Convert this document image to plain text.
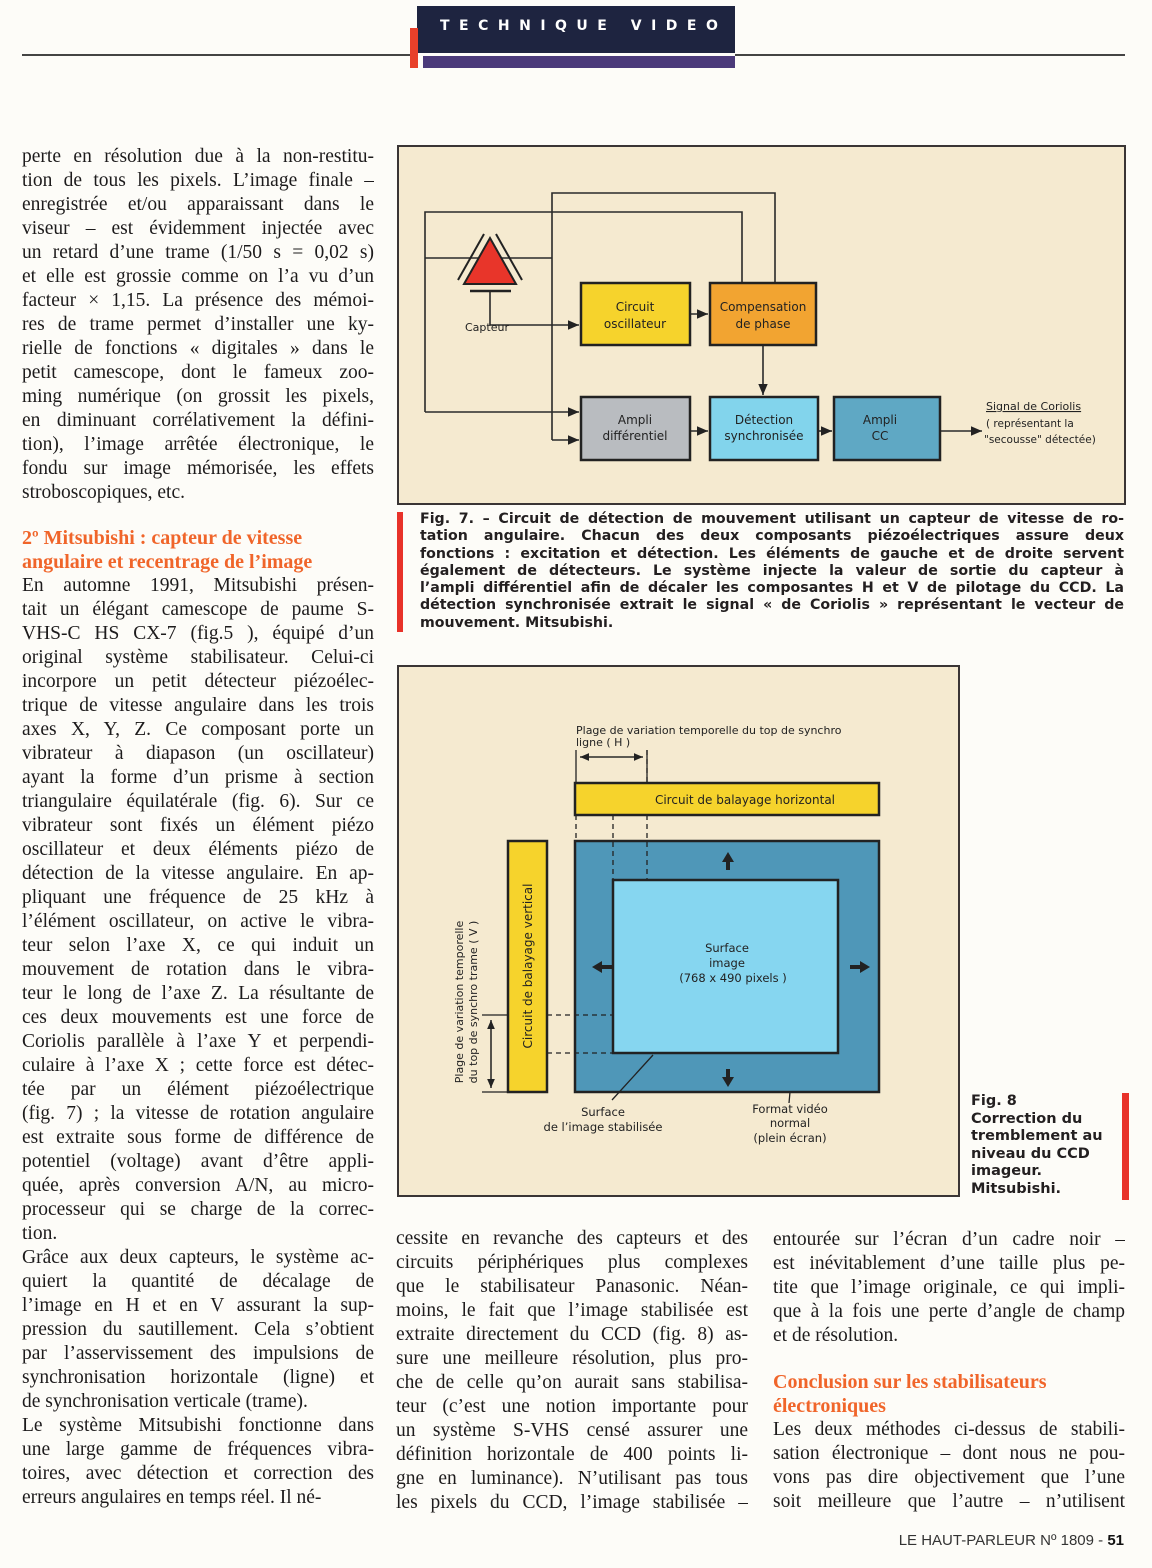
TECHNIQUE VIDEO
perte en résolution due à la non-restitu-
tion de tous les pixels. L’image finale –
enregistrée et/ou apparaissant dans le
viseur – est évidemment injectée avec
un retard d’une trame (1/50 s = 0,02 s)
et elle est grossie comme on l’a vu d’un
facteur × 1,15. La présence des mémoi-
res de trame permet d’installer une ky-
rielle de fonctions « digitales » dans le
petit camescope, dont le fameux zoo-
ming numérique (on grossit les pixels,
en diminuant corrélativement la défini-
tion), l’image arrêtée électronique, le
fondu sur image mémorisée, les effets
stroboscopiques, etc.
2º Mitsubishi : capteur de vitesse
angulaire et recentrage de l’image
En automne 1991, Mitsubishi présen-
tait un élégant camescope de paume S-
VHS-C HS CX-7 (fig.5 ), équipé d’un
original système stabilisateur. Celui-ci
incorpore un petit détecteur piézoélec-
trique de vitesse angulaire dans les trois
axes X, Y, Z. Ce composant porte un
vibrateur à diapason (un oscillateur)
ayant la forme d’un prisme à section
triangulaire équilatérale (fig. 6). Sur ce
vibrateur sont fixés un élément piézo
oscillateur et deux éléments piézo de
détection de la vitesse angulaire. En ap-
pliquant une fréquence de 25 kHz à
l’élément oscillateur, on active le vibra-
teur selon l’axe X, ce qui induit un
mouvement de rotation dans le vibra-
teur le long de l’axe Z. La résultante de
ces deux mouvements est une force de
Coriolis parallèle à l’axe Y et perpendi-
culaire à l’axe X ; cette force est détec-
tée par un élément piézoélectrique
(fig. 7) ; la vitesse de rotation angulaire
est extraite sous forme de différence de
potentiel (voltage) avant d’être appli-
quée, après conversion A/N, au micro-
processeur qui se charge de la correc-
tion.
Grâce aux deux capteurs, le système ac-
quiert la quantité de décalage de
l’image en H et en V assurant la sup-
pression du sautillement. Cela s’obtient
par l’asservissement des impulsions de
synchronisation horizontale (ligne) et
de synchronisation verticale (trame).
Le système Mitsubishi fonctionne dans
une large gamme de fréquences vibra-
toires, avec détection et correction des
erreurs angulaires en temps réel. Il né-
cessite en revanche des capteurs et des
circuits périphériques plus complexes
que le stabilisateur Panasonic. Néan-
moins, le fait que l’image stabilisée est
extraite directement du CCD (fig. 8) as-
sure une meilleure résolution, plus pro-
che de celle qu’on aurait sans stabilisa-
teur (c’est une notion importante pour
un système S-VHS censé assurer une
définition horizontale de 400 points li-
gne en luminance). N’utilisant pas tous
les pixels du CCD, l’image stabilisée –
entourée sur l’écran d’un cadre noir –
est inévitablement d’une taille plus pe-
tite que l’image originale, ce qui impli-
que à la fois une perte d’angle de champ
et de résolution.
Conclusion sur les stabilisateurs
électroniques
Les deux méthodes ci-dessus de stabili-
sation électronique – dont nous ne pou-
vons pas dire objectivement que l’une
soit meilleure que l’autre – n’utilisent
Capteur
Circuit
oscillateur
Compensation
de phase
Ampli
différentiel
Détection
synchronisée
Ampli
CC
Signal de Coriolis
( représentant la
"secousse" détectée)
Fig. 7. – Circuit de détection de mouvement utilisant un capteur de vitesse de ro-
tation angulaire. Chacun des deux composants piézoélectriques assure deux
fonctions : excitation et détection. Les éléments de gauche et de droite servent
également de détecteurs. Le système injecte la valeur de sortie du capteur à
l’ampli différentiel afin de décaler les composantes H et V de pilotage du CCD. La
détection synchronisée extrait le signal « de Coriolis » représentant le vecteur de
mouvement. Mitsubishi.
Plage de variation temporelle du top de synchro
ligne ( H )
Circuit de balayage horizontal
Surface
image
(768 x 490 pixels )
Circuit de balayage vertical
Plage de variation temporelle du top de synchro trame ( V )
Surface
de l’image stabilisée
Format vidéo
normal
(plein écran)
Fig. 8
Correction du
tremblement au
niveau du CCD
imageur.
Mitsubishi.
LE HAUT-PARLEUR Nº 1809 - 51
